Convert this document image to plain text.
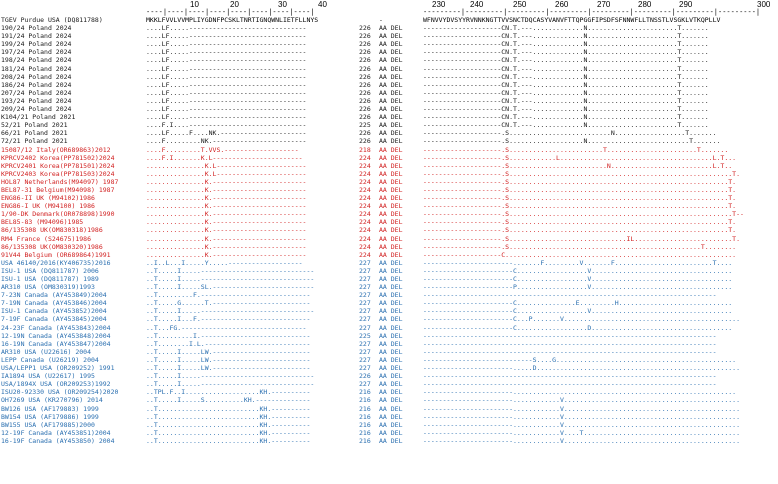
10	20	30	40	230	240	250	260	270	280	290	300
----|----|----|----|----|----|----|----|	---------|---------|---------|---------|---------|---------|---------|---------|
TGEV Purdue USA (DQ811788)	MKKLFVVLVVMPLIYGDNFPCSKLTNRTIGNQWNLIETFLLNYS	-	WFNVVYDVSYYRVNNKNGTTVVSNCTDQCASYVANVFTTQPGGFIPSDFSFNNWFLLTNSSTLVSGKLVTKQPLLV
190/24 Poland 2024	....LF.....------------------------------	226	AA DEL	--------------------CN.T.---.............N.......................T.......
191/24 Poland 2024	....LF.....------------------------------	226	AA DEL	--------------------CN.T.---.............N.......................T.......
199/24 Poland 2024	....LF.....------------------------------	226	AA DEL	--------------------CN.T.---.............N.......................T.......
197/24 Poland 2024	....LF.....------------------------------	226	AA DEL	--------------------CN.T.---.............N.......................T.......
198/24 Poland 2024	....LF.....------------------------------	226	AA DEL	--------------------CN.T.---.............N.......................T.......
181/24 Poland 2024	....LF.....------------------------------	226	AA DEL	--------------------CN.T.---.............N.......................T.......
208/24 Poland 2024	....LF.....------------------------------	226	AA DEL	--------------------CN.T.---.............N.......................T.......
186/24 Poland 2024	....LF.....------------------------------	226	AA DEL	--------------------CN.T.---.............N.......................T.......
207/24 Poland 2024	....LF.....------------------------------	226	AA DEL	--------------------CN.T.---.............N.......................T.......
193/24 Poland 2024	....LF.....------------------------------	226	AA DEL	--------------------CN.T.---.............N.......................T.......
209/24 Poland 2024	....LF.....------------------------------	226	AA DEL	--------------------CN.T.---.............N.......................T.......
K104/21 Poland 2021	....LF.....------------------------------	226	AA DEL	--------------------CN.T.---.............N.......................T.......
52/21 Poland 2021	....F.I....------------------------------	225	AA DEL	--------------------CN.T.---.............N.......................T.......
66/21 Poland 2021	....LF.....F....NK.----------------------	226	AA DEL	--------------------.S..........................N..................T.......
72/21 Poland 2021	....F.........NK.------------------------	226	AA DEL	--------------------.S...................N..........................T.......
15087/12 Italy(OR689863)2012	....F.........T.VVS.-------------------	218	AA DEL	--------------------.S........................T.......................T.......
KPRCV2402 Korea(PP781502)2024	....F.I.......K.L-----------------------	224	AA DEL	--------------------.S............L.......................................L.T...
KPRCV2401 Korea(PP781501)2024	...............K.L-----------------------	224	AA DEL	--------------------.S.........................N..........................L.T..
KPRCV2403 Korea(PP781503)2024	...............K.L-----------------------	224	AA DEL	--------------------.S.........................................................T.
HOL87 Netherlands(M94097) 1987	...............K.------------------------	224	AA DEL	--------------------.S........................................................T.
BEL87-31 Belgium(M94098) 1987	...............K.------------------------	224	AA DEL	--------------------.S........................................................T.
ENG86-II UK (M94102)1986	...............K.------------------------	224	AA DEL	--------------------.S........................................................T.
ENG86-I UK (M94100) 1986	...............K.------------------------	224	AA DEL	--------------------.S........................................................T.
1/90-DK Denmark(OR078898)1990	...............K.------------------------	224	AA DEL	--------------------.S.........................................................T--
BEL85-83 (M94096)1985	...............K.------------------------	224	AA DEL	--------------------.S........................................................T.
86/135308 UK(OM830318)1986	...............K.------------------------	224	AA DEL	--------------------.S........................................................T.
RM4 France (S24675)1986	...............K.------------------------	224	AA DEL	--------------------.S..............................IL.........................T.
86/135308 UK(OM830320)1986	...............K.------------------------	224	AA DEL	--------------------.S.................................................T........
91V44 Belgium (OR689864)1991	...............K.------------------------	224	AA DEL	--------------------C...........................................................
USA 46140/2016(KY406735)2016	..I..L...I.....Y.....-------------------	227	AA DEL	-----------------------.......F.........V.......F.........................T....
ISU-1 USA (DQ811787) 2006	..T.....I.....-----------------------------	227	AA DEL	-----------------------C..................V....................................
ISU-1 USA (DQ811787) 1989	..T.....I.....-----------------------------	227	AA DEL	-----------------------C..................V....................................
AR310 USA (OM830319)1993	..T.....I.....SL.--------------------------	227	AA DEL	-----------------------P..................V....................................
7-23N Canada (AY453849)2004	..T.........F.----------------------------	227	AA DEL	---------------------------------------------------------------------------
7-19N Canada (AY453846)2004	..T.....G......T.-------------------------	227	AA DEL	-----------------------C...............E.........H.............................
ISU-1 Canada (AY453852)2004	..T.....I.....-----------------------------	227	AA DEL	-----------------------C..................V....................................
7-19F Canada (AY453845)2004	..T.....I...F.----------------------------	227	AA DEL	-----------------------C...P.......V.............................................
24-23F Canada (AY453843)2004	..T...FG.--------------------------------	227	AA DEL	-----------------------C..................D....................................
12-19N Canada (AY453848)2004	..T.........I.----------------------------	225	AA DEL	---------------------------------------------------------------------------
16-19N Canada (AY453847)2004	..T........I.L.---------------------------	227	AA DEL	---------------------------------------------------------------------------
AR310 USA (U22616) 2004	..T.....I.....LW.-------------------------	227	AA DEL	---------------------------------------------------------------------------
LEPP Canada (U26219) 2004	..T.....I.....LW.-------------------------	227	AA DEL	----------------------------S....G..............................................
USA/LEPP1 USA (OR209252) 1991	..T.....I.....LW.-------------------------	227	AA DEL	-----------------------.....D....................................................
IA1894 USA (U22617) 1995	..T.....I.....-----------------------------	226	AA DEL	---------------------------------------------------------------------------
USA/1894X USA (OR209253)1992	..T.....I.....-----------------------------	227	AA DEL	---------------------------------------------------------------------------
ISU20-92330 USA (OR209254)2020	..TPL.F..I...................KH.----------	216	AA DEL	-----------------------.........................................................
OH7269 USA (KR270796) 2014	..T.....I.....S..........KH.--------------	216	AA DEL	-----------------------............V.............................................
BW126 USA (AF179883) 1999	..T..........................KH.----------	216	AA DEL	-----------------------............V.............................................
BW154 USA (AF179886) 1999	..T..........................KH.----------	216	AA DEL	-----------------------............V.............................................
BW155 USA (AF179885)2000	..T..........................KH.----------	216	AA DEL	-----------------------............V.............................................
12-19F Canada (AY453851)2004	..T..........................KH.----------	216	AA DEL	-----------------------............V....T........................................
16-19F Canada (AY453850) 2004	..T..........................KH.----------	216	AA DEL	-----------------------............V.............................................
